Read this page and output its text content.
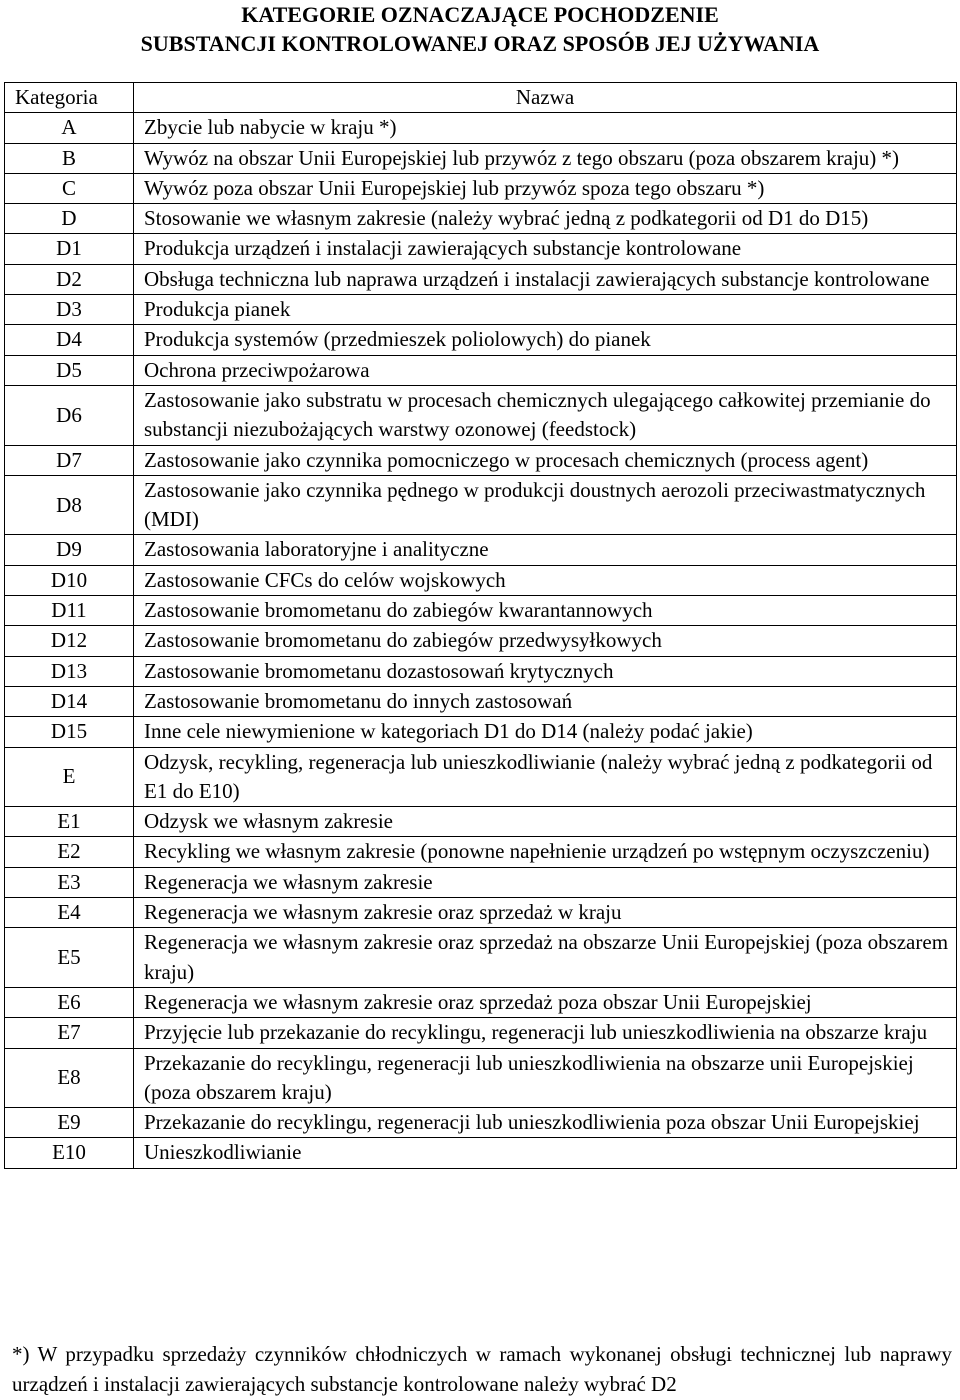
KATEGORIE OZNACZAJĄCE POCHODZENIE
SUBSTANCJI KONTROLOWANEJ ORAZ SPOSÓB JEJ UŻYWANIA
Kategoria	Nazwa
A	Zbycie lub nabycie w kraju *)
B	Wywóz na obszar Unii Europejskiej lub przywóz z tego obszaru (poza obszarem kraju) *)
C	Wywóz poza obszar Unii Europejskiej lub przywóz spoza tego obszaru *)
D	Stosowanie we własnym zakresie (należy wybrać jedną z podkategorii od D1 do D15)
D1	Produkcja urządzeń i instalacji zawierających substancje kontrolowane
D2	Obsługa techniczna lub naprawa urządzeń i instalacji zawierających substancje kontrolowane
D3	Produkcja pianek
D4	Produkcja systemów (przedmieszek poliolowych) do pianek
D5	Ochrona przeciwpożarowa
D6	Zastosowanie jako substratu w procesach chemicznych ulegającego całkowitej przemianie do substancji niezubożających warstwy ozonowej (feedstock)
D7	Zastosowanie jako czynnika pomocniczego w procesach chemicznych (process agent)
D8	Zastosowanie jako czynnika pędnego w produkcji doustnych aerozoli przeciwastmatycznych (MDI)
D9	Zastosowania laboratoryjne i analityczne
D10	Zastosowanie CFCs do celów wojskowych
D11	Zastosowanie bromometanu do zabiegów kwarantannowych
D12	Zastosowanie bromometanu do zabiegów przedwysyłkowych
D13	Zastosowanie bromometanu dozastosowań krytycznych
D14	Zastosowanie bromometanu do innych zastosowań
D15	Inne cele niewymienione w kategoriach D1 do D14 (należy podać jakie)
E	Odzysk, recykling, regeneracja lub unieszkodliwianie (należy wybrać jedną z podkategorii od E1 do E10)
E1	Odzysk we własnym zakresie
E2	Recykling we własnym zakresie (ponowne napełnienie urządzeń po wstępnym oczyszczeniu)
E3	Regeneracja we własnym zakresie
E4	Regeneracja we własnym zakresie oraz sprzedaż w kraju
E5	Regeneracja we własnym zakresie oraz sprzedaż na obszarze Unii Europejskiej (poza obszarem kraju)
E6	Regeneracja we własnym zakresie oraz sprzedaż poza obszar Unii Europejskiej
E7	Przyjęcie lub przekazanie do recyklingu, regeneracji lub unieszkodliwienia na obszarze kraju
E8	Przekazanie do recyklingu, regeneracji lub unieszkodliwienia na obszarze unii Europejskiej (poza obszarem kraju)
E9	Przekazanie do recyklingu, regeneracji lub unieszkodliwienia poza obszar Unii Europejskiej
E10	Unieszkodliwianie
*) W przypadku sprzedaży czynników chłodniczych w ramach wykonanej obsługi technicznej lub naprawy urządzeń i instalacji zawierających substancje kontrolowane należy wybrać D2
